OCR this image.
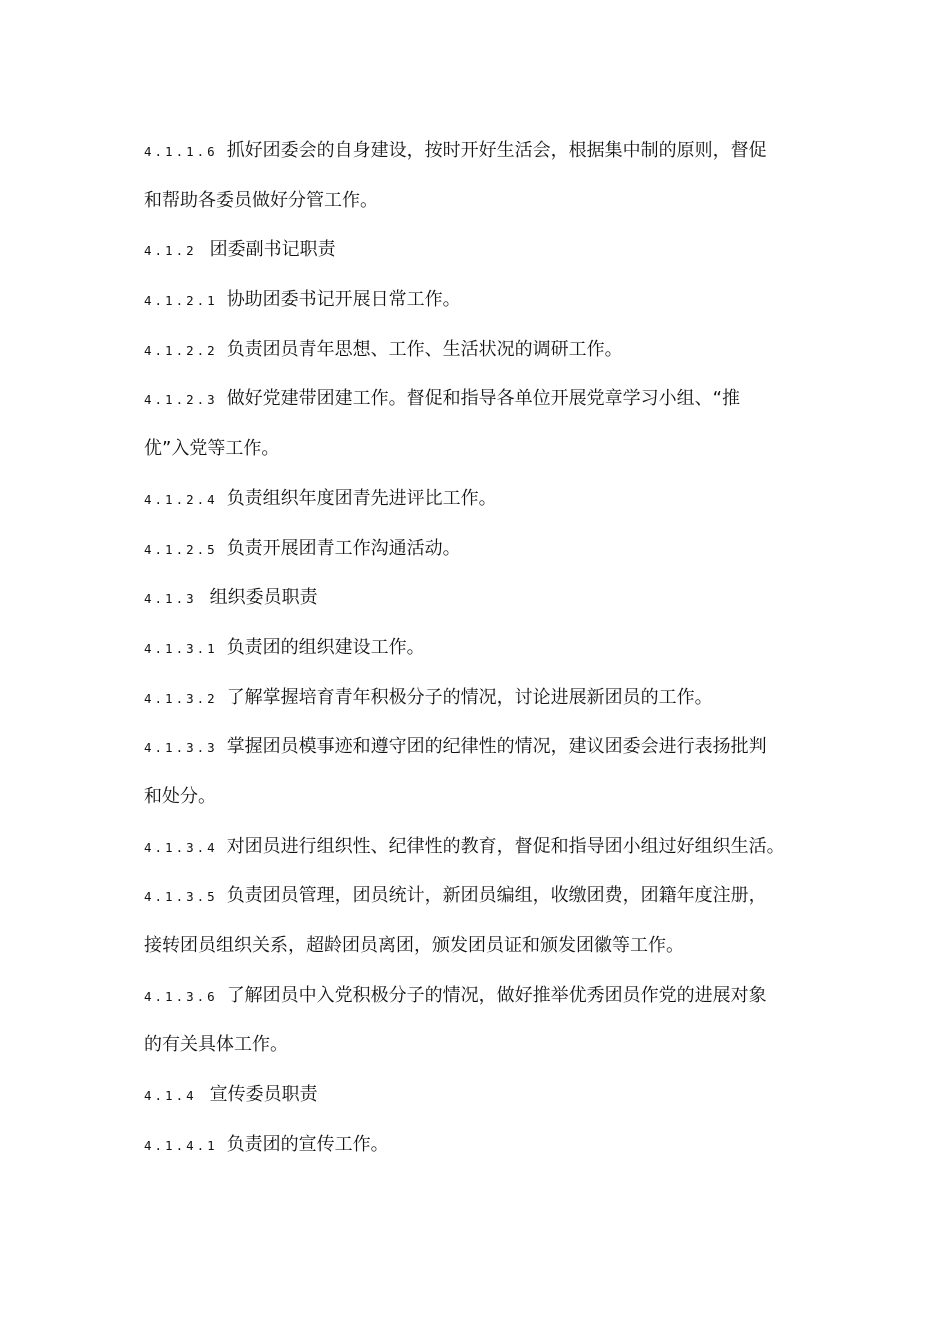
4.1.1.6 抓好团委会的自身建设，按时开好生活会，根据集中制的原则，督促
和帮助各委员做好分管工作。
4.1.2 团委副书记职责
4.1.2.1 协助团委书记开展日常工作。
4.1.2.2 负责团员青年思想、工作、生活状况的调研工作。
4.1.2.3 做好党建带团建工作。督促和指导各单位开展党章学习小组、“推
优”入党等工作。
4.1.2.4 负责组织年度团青先进评比工作。
4.1.2.5 负责开展团青工作沟通活动。
4.1.3 组织委员职责
4.1.3.1 负责团的组织建设工作。
4.1.3.2 了解掌握培育青年积极分子的情况，讨论进展新团员的工作。
4.1.3.3 掌握团员模事迹和遵守团的纪律性的情况，建议团委会进行表扬批判
和处分。
4.1.3.4 对团员进行组织性、纪律性的教育，督促和指导团小组过好组织生活。
4.1.3.5 负责团员管理，团员统计，新团员编组，收缴团费，团籍年度注册，
接转团员组织关系，超龄团员离团，颁发团员证和颁发团徽等工作。
4.1.3.6 了解团员中入党积极分子的情况，做好推举优秀团员作党的进展对象
的有关具体工作。
4.1.4 宣传委员职责
4.1.4.1 负责团的宣传工作。
